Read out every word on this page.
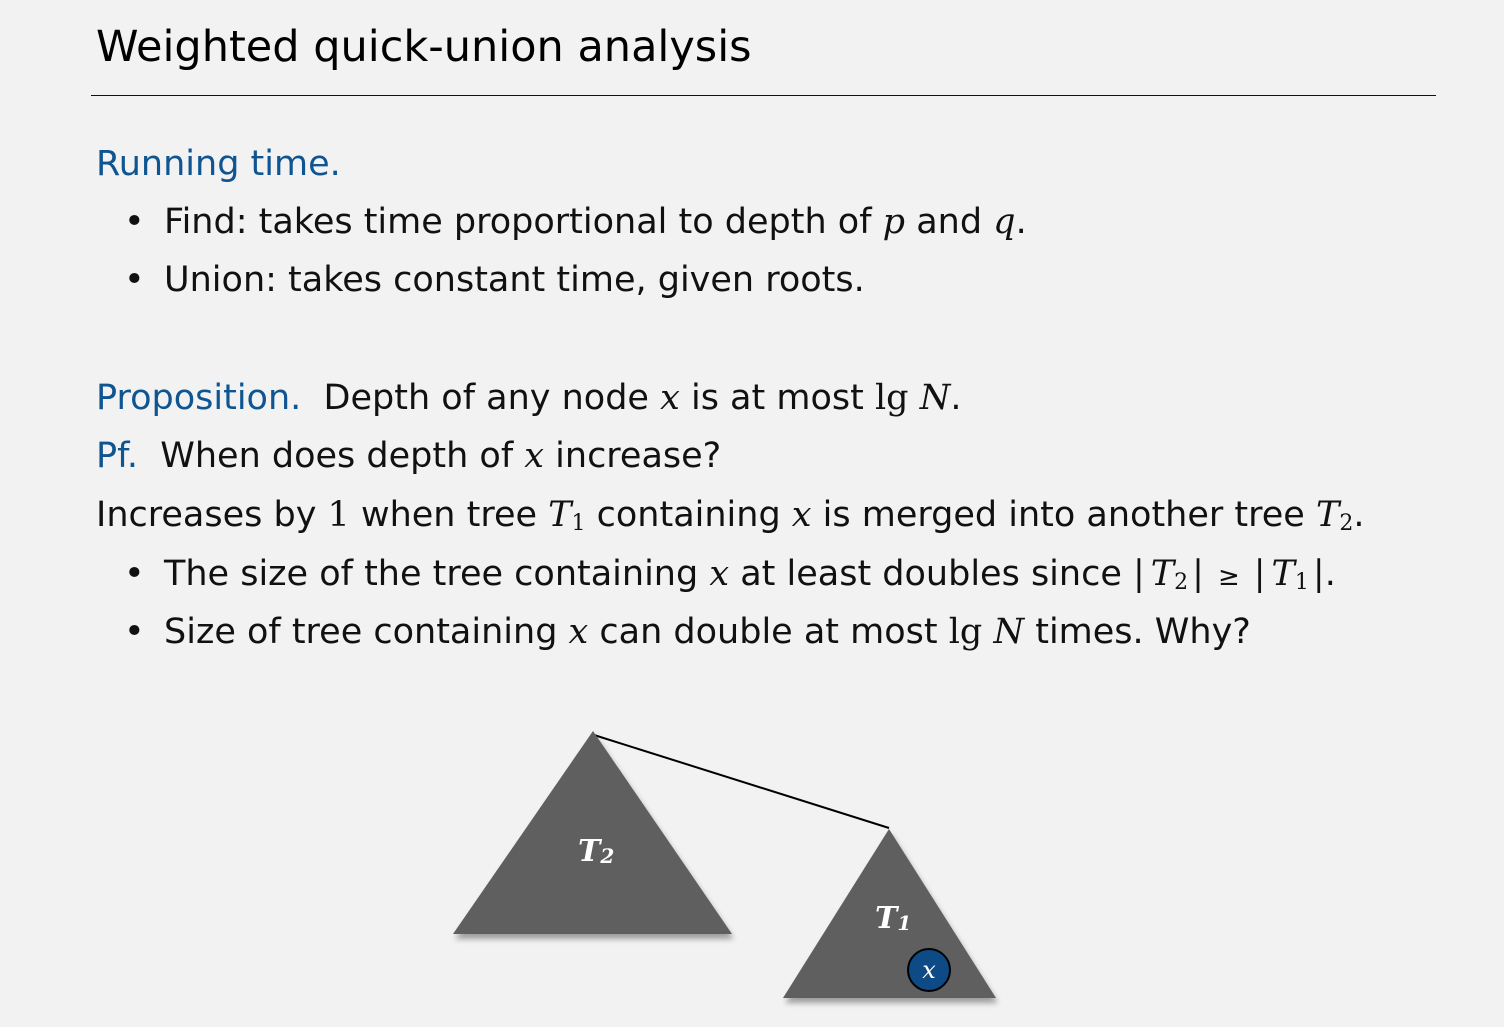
Weighted quick-union analysis
Running time.
• Find: takes time proportional to depth of p and q.
• Union: takes constant time, given roots.
Proposition.  Depth of any node x is at most lg N.
Pf.  When does depth of x increase?
Increases by 1 when tree $T_1$ containing x is merged into another tree $T_2$.
• The size of the tree containing x at least doubles since | $T_2$ | ≥ | $T_1$ |.
• Size of tree containing x can double at most lg N times. Why?
T2
T1
x
